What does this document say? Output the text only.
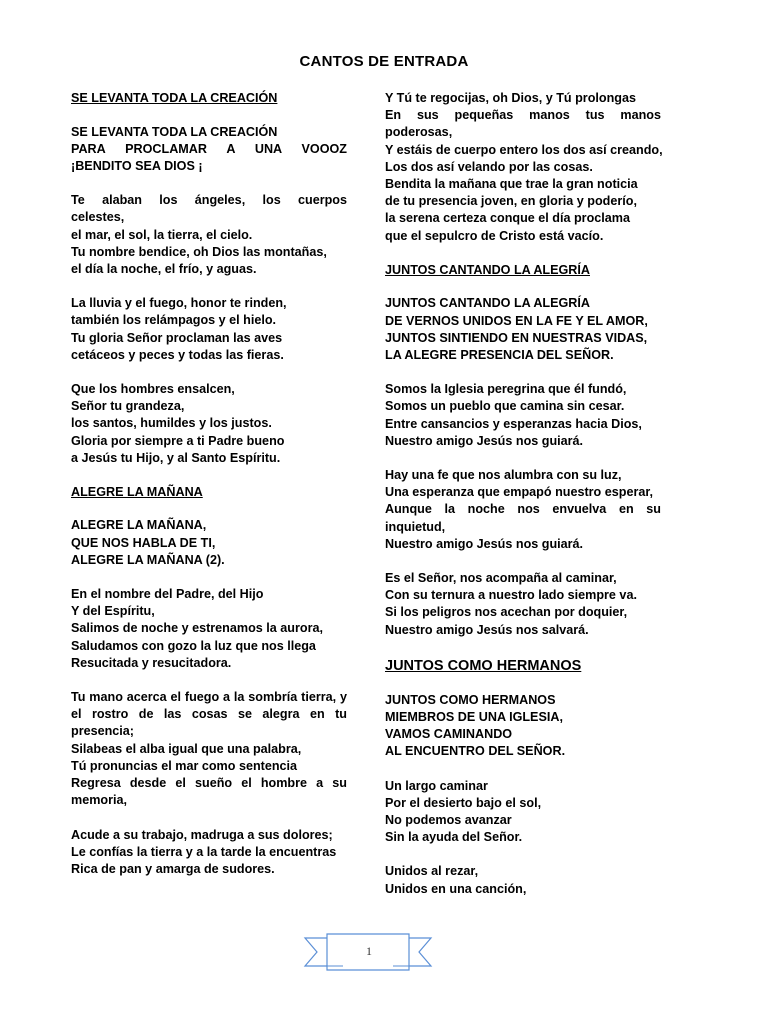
CANTOS DE ENTRADA

SE LEVANTA TODA LA CREACIÓN

SE LEVANTA TODA LA CREACIÓN
PARA PROCLAMAR A UNA VOOOZ
¡BENDITO SEA DIOS ¡

Te alaban los ángeles, los cuerpos
celestes,
el mar, el sol, la tierra, el cielo.
Tu nombre bendice, oh Dios las montañas,
el día la noche, el frío, y aguas.

La lluvia y el fuego, honor te rinden,
también los relámpagos y el hielo.
Tu gloria Señor proclaman las aves
cetáceos y peces y todas las fieras.

Que los hombres ensalcen,
Señor tu grandeza,
los santos, humildes y los justos.
Gloria por siempre a ti Padre bueno
a Jesús tu Hijo, y al Santo Espíritu.

ALEGRE LA MAÑANA

ALEGRE LA MAÑANA,
QUE NOS HABLA DE TI,
ALEGRE LA MAÑANA (2).

En el nombre del Padre, del Hijo
Y del Espíritu,
Salimos de noche y estrenamos la aurora,
Saludamos con gozo la luz que nos llega
Resucitada y resucitadora.

Tu mano acerca el fuego a la sombría tierra, y
el rostro de las cosas se alegra en tu
presencia;
Silabeas el alba igual que una palabra,
Tú pronuncias el mar como sentencia
Regresa desde el sueño el hombre a su
memoria,

Acude a su trabajo, madruga a sus dolores;
Le confías la tierra y a la tarde la encuentras
Rica de pan y amarga de sudores.

Y Tú te regocijas, oh Dios, y Tú prolongas
En sus pequeñas manos tus manos
poderosas,
Y estáis de cuerpo entero los dos así creando,
Los dos así velando por las cosas.
Bendita la mañana que trae la gran noticia
de tu presencia joven, en gloria y poderío,
la serena certeza conque el día proclama
que el sepulcro de Cristo está vacío.

JUNTOS CANTANDO LA ALEGRÍA

JUNTOS CANTANDO LA ALEGRÍA
DE VERNOS UNIDOS EN LA FE Y EL AMOR,
JUNTOS SINTIENDO EN NUESTRAS VIDAS,
LA ALEGRE PRESENCIA DEL SEÑOR.

Somos la Iglesia peregrina que él fundó,
Somos un pueblo que camina sin cesar.
Entre cansancios y esperanzas hacia Dios,
Nuestro amigo Jesús nos guiará.

Hay una fe que nos alumbra con su luz,
Una esperanza que empapó nuestro esperar,
Aunque la noche nos envuelva en su
inquietud,
Nuestro amigo Jesús nos guiará.

Es el Señor, nos acompaña al caminar,
Con su ternura a nuestro lado siempre va.
Si los peligros nos acechan por doquier,
Nuestro amigo Jesús nos salvará.

JUNTOS COMO HERMANOS

JUNTOS COMO HERMANOS
MIEMBROS DE UNA IGLESIA,
VAMOS CAMINANDO
AL ENCUENTRO DEL SEÑOR.

Un largo caminar
Por el desierto bajo el sol,
No podemos avanzar
Sin la ayuda del Señor.

Unidos al rezar,
Unidos en una canción,

1
